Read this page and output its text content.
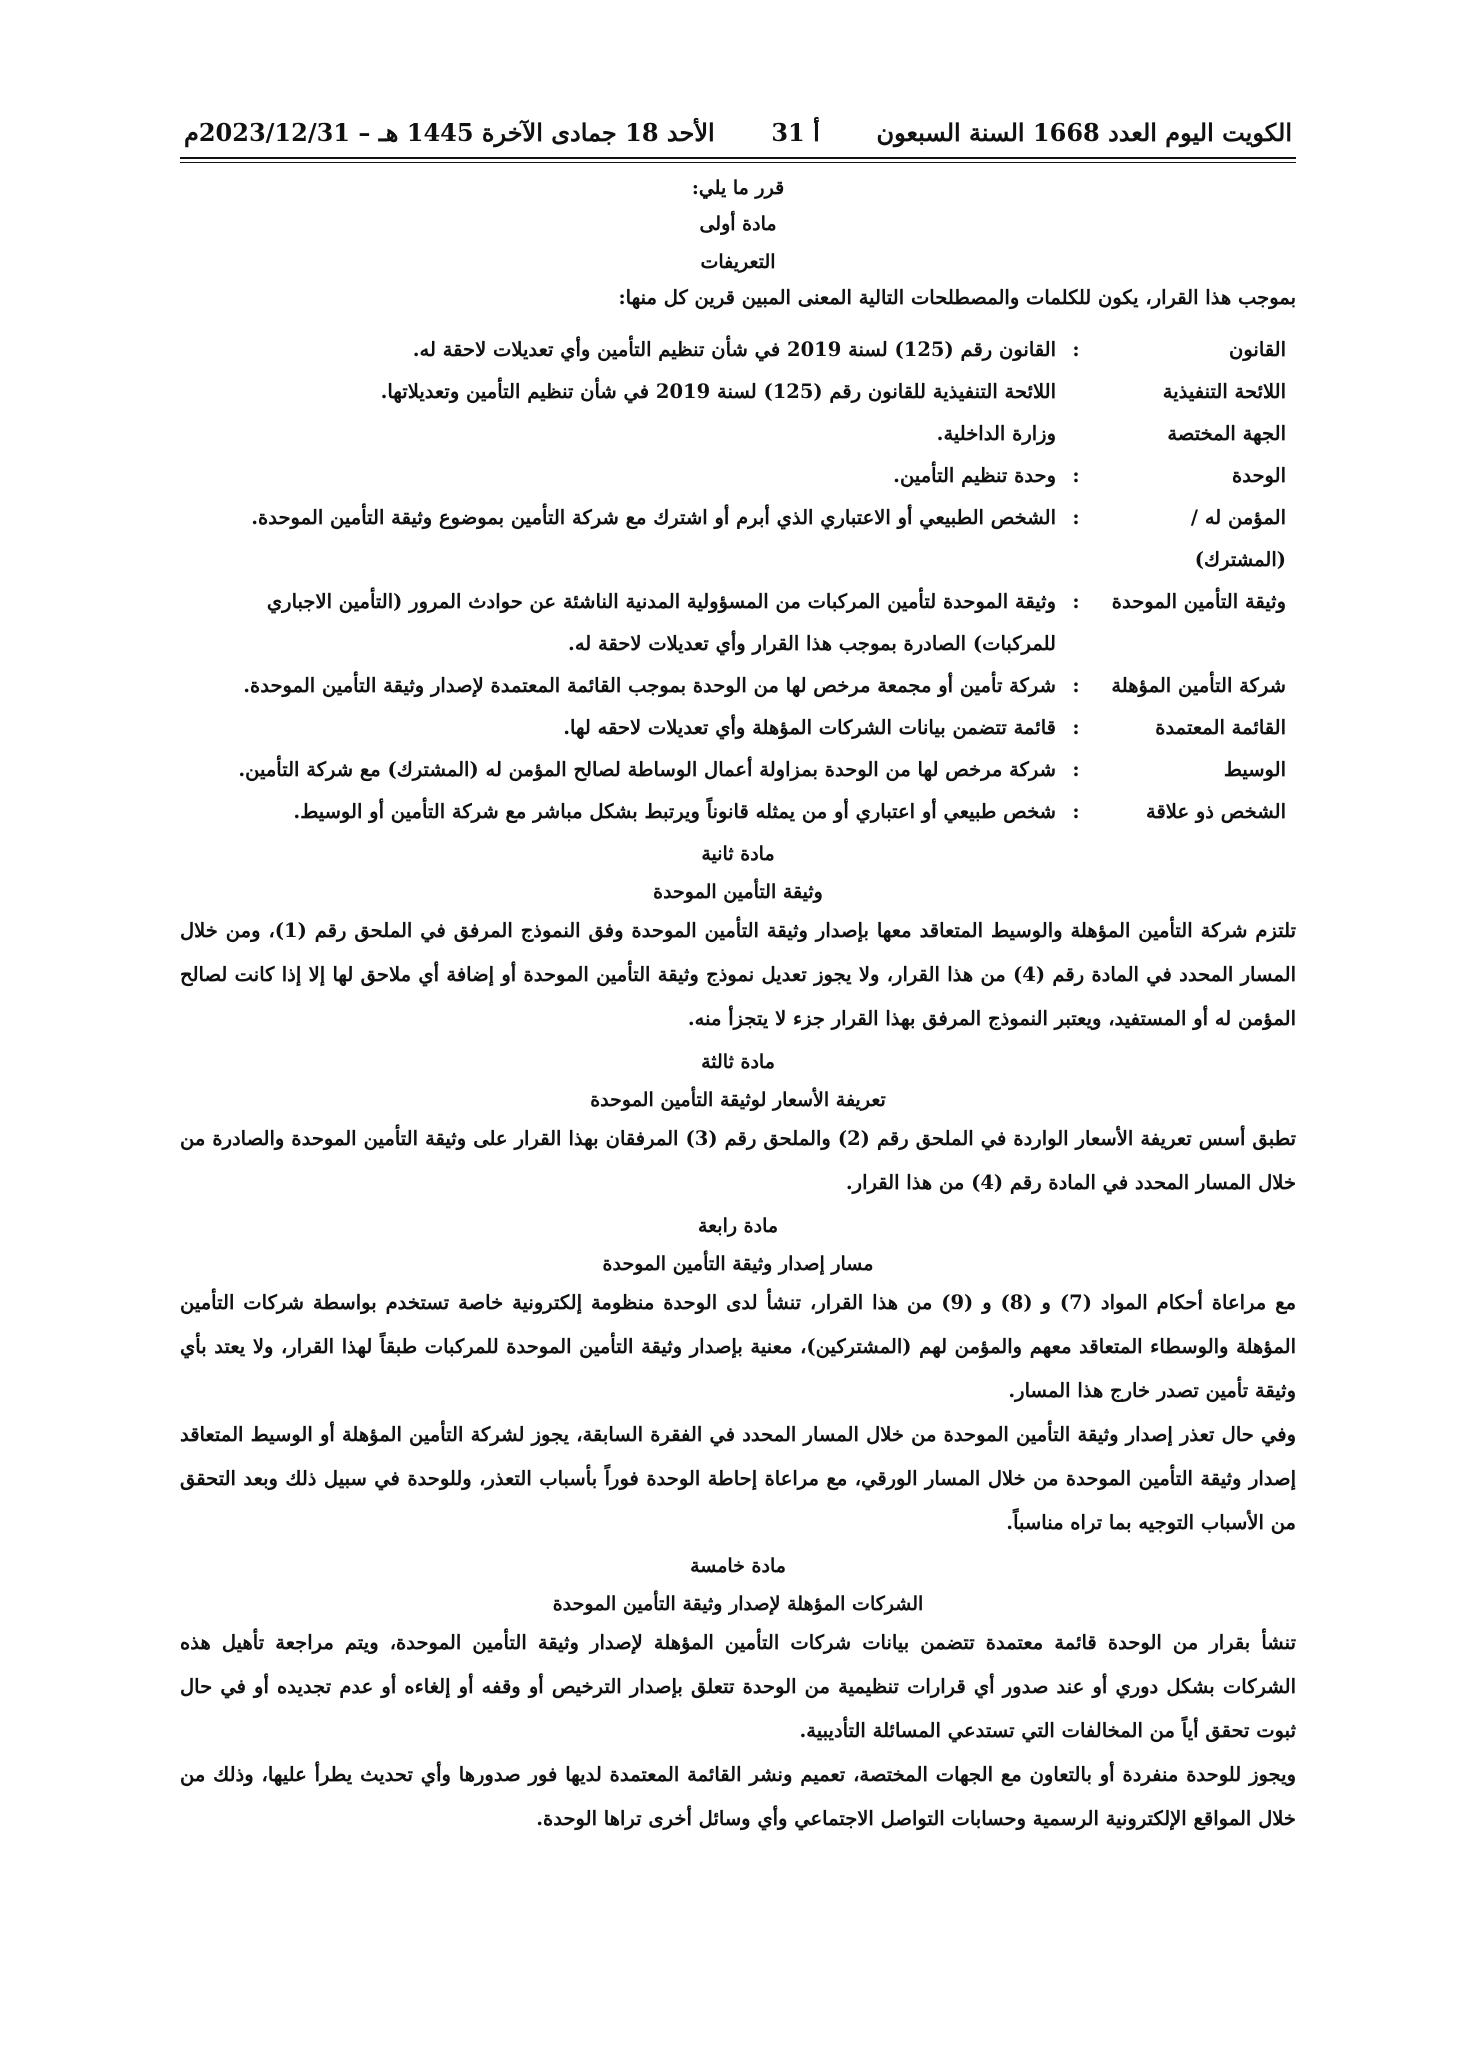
الكويت اليوم العدد 1668 السنة السبعون
أ 31
الأحد 18 جمادى الآخرة 1445 هـ – 2023/12/31م
قرر ما يلي:
مادة أولى
التعريفات
بموجب هذا القرار، يكون للكلمات والمصطلحات التالية المعنى المبين قرين كل منها:
القانون
:
القانون رقم (125) لسنة 2019 في شأن تنظيم التأمين وأي تعديلات لاحقة له.
اللائحة التنفيذية
اللائحة التنفيذية للقانون رقم (125) لسنة 2019 في شأن تنظيم التأمين وتعديلاتها.
الجهة المختصة
وزارة الداخلية.
الوحدة
:
وحدة تنظيم التأمين.
المؤمن له / (المشترك)
:
الشخص الطبيعي أو الاعتباري الذي أبرم أو اشترك مع شركة التأمين بموضوع وثيقة التأمين الموحدة.
وثيقة التأمين الموحدة
:
وثيقة الموحدة لتأمين المركبات من المسؤولية المدنية الناشئة عن حوادث المرور (التأمين الاجباري للمركبات) الصادرة بموجب هذا القرار وأي تعديلات لاحقة له.
شركة التأمين المؤهلة
:
شركة تأمين أو مجمعة مرخص لها من الوحدة بموجب القائمة المعتمدة لإصدار وثيقة التأمين الموحدة.
القائمة المعتمدة
:
قائمة تتضمن بيانات الشركات المؤهلة وأي تعديلات لاحقه لها.
الوسيط
:
شركة مرخص لها من الوحدة بمزاولة أعمال الوساطة لصالح المؤمن له (المشترك) مع شركة التأمين.
الشخص ذو علاقة
:
شخص طبيعي أو اعتباري أو من يمثله قانوناً ويرتبط بشكل مباشر مع شركة التأمين أو الوسيط.
مادة ثانية
وثيقة التأمين الموحدة
تلتزم شركة التأمين المؤهلة والوسيط المتعاقد معها بإصدار وثيقة التأمين الموحدة وفق النموذج المرفق في الملحق رقم (1)، ومن خلال المسار المحدد في المادة رقم (4) من هذا القرار، ولا يجوز تعديل نموذج وثيقة التأمين الموحدة أو إضافة أي ملاحق لها إلا إذا كانت لصالح المؤمن له أو المستفيد، ويعتبر النموذج المرفق بهذا القرار جزء لا يتجزأ منه.
مادة ثالثة
تعريفة الأسعار لوثيقة التأمين الموحدة
تطبق أسس تعريفة الأسعار الواردة في الملحق رقم (2) والملحق رقم (3) المرفقان بهذا القرار على وثيقة التأمين الموحدة والصادرة من خلال المسار المحدد في المادة رقم (4) من هذا القرار.
مادة رابعة
مسار إصدار وثيقة التأمين الموحدة
مع مراعاة أحكام المواد (7) و (8) و (9) من هذا القرار، تنشأ لدى الوحدة منظومة إلكترونية خاصة تستخدم بواسطة شركات التأمين المؤهلة والوسطاء المتعاقد معهم والمؤمن لهم (المشتركين)، معنية بإصدار وثيقة التأمين الموحدة للمركبات طبقاً لهذا القرار، ولا يعتد بأي وثيقة تأمين تصدر خارج هذا المسار.
وفي حال تعذر إصدار وثيقة التأمين الموحدة من خلال المسار المحدد في الفقرة السابقة، يجوز لشركة التأمين المؤهلة أو الوسيط المتعاقد إصدار وثيقة التأمين الموحدة من خلال المسار الورقي، مع مراعاة إحاطة الوحدة فوراً بأسباب التعذر، وللوحدة في سبيل ذلك وبعد التحقق من الأسباب التوجيه بما تراه مناسباً.
مادة خامسة
الشركات المؤهلة لإصدار وثيقة التأمين الموحدة
تنشأ بقرار من الوحدة قائمة معتمدة تتضمن بيانات شركات التأمين المؤهلة لإصدار وثيقة التأمين الموحدة، ويتم مراجعة تأهيل هذه الشركات بشكل دوري أو عند صدور أي قرارات تنظيمية من الوحدة تتعلق بإصدار الترخيص أو وقفه أو إلغاءه أو عدم تجديده أو في حال ثبوت تحقق أياً من المخالفات التي تستدعي المسائلة التأديبية.
ويجوز للوحدة منفردة أو بالتعاون مع الجهات المختصة، تعميم ونشر القائمة المعتمدة لديها فور صدورها وأي تحديث يطرأ عليها، وذلك من خلال المواقع الإلكترونية الرسمية وحسابات التواصل الاجتماعي وأي وسائل أخرى تراها الوحدة.
